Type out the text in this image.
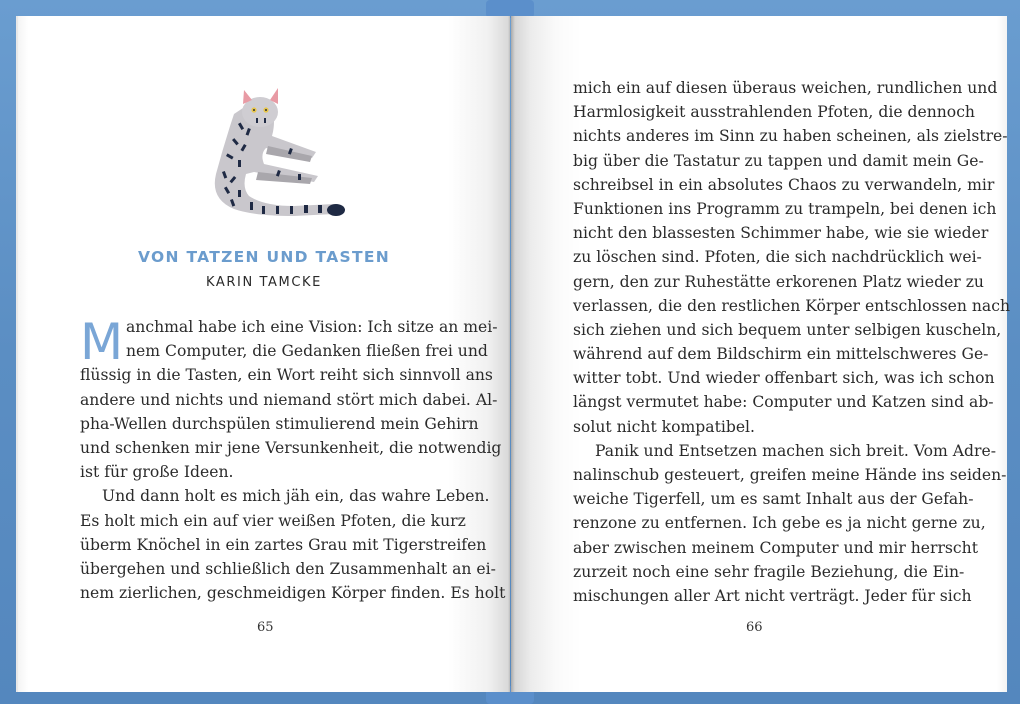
VON TATZEN UND TASTEN
KARIN TAMCKE
M anchmal habe ich eine Vision: Ich sitze an mei-
nem Computer, die Gedanken fließen frei und
flüssig in die Tasten, ein Wort reiht sich sinnvoll ans
andere und nichts und niemand stört mich dabei. Al-
pha-Wellen durchspülen stimulierend mein Gehirn
und schenken mir jene Versunkenheit, die notwendig
ist für große Ideen.
Und dann holt es mich jäh ein, das wahre Leben.
Es holt mich ein auf vier weißen Pfoten, die kurz
überm Knöchel in ein zartes Grau mit Tigerstreifen
übergehen und schließlich den Zusammenhalt an ei-
nem zierlichen, geschmeidigen Körper finden. Es holt
65
mich ein auf diesen überaus weichen, rundlichen und
Harmlosigkeit ausstrahlenden Pfoten, die dennoch
nichts anderes im Sinn zu haben scheinen, als zielstre-
big über die Tastatur zu tappen und damit mein Ge-
schreibsel in ein absolutes Chaos zu verwandeln, mir
Funktionen ins Programm zu trampeln, bei denen ich
nicht den blassesten Schimmer habe, wie sie wieder
zu löschen sind. Pfoten, die sich nachdrücklich wei-
gern, den zur Ruhestätte erkorenen Platz wieder zu
verlassen, die den restlichen Körper entschlossen nach
sich ziehen und sich bequem unter selbigen kuscheln,
während auf dem Bildschirm ein mittelschweres Ge-
witter tobt. Und wieder offenbart sich, was ich schon
längst vermutet habe: Computer und Katzen sind ab-
solut nicht kompatibel.
Panik und Entsetzen machen sich breit. Vom Adre-
nalinschub gesteuert, greifen meine Hände ins seiden-
weiche Tigerfell, um es samt Inhalt aus der Gefah-
renzone zu entfernen. Ich gebe es ja nicht gerne zu,
aber zwischen meinem Computer und mir herrscht
zurzeit noch eine sehr fragile Beziehung, die Ein-
mischungen aller Art nicht verträgt. Jeder für sich
66
